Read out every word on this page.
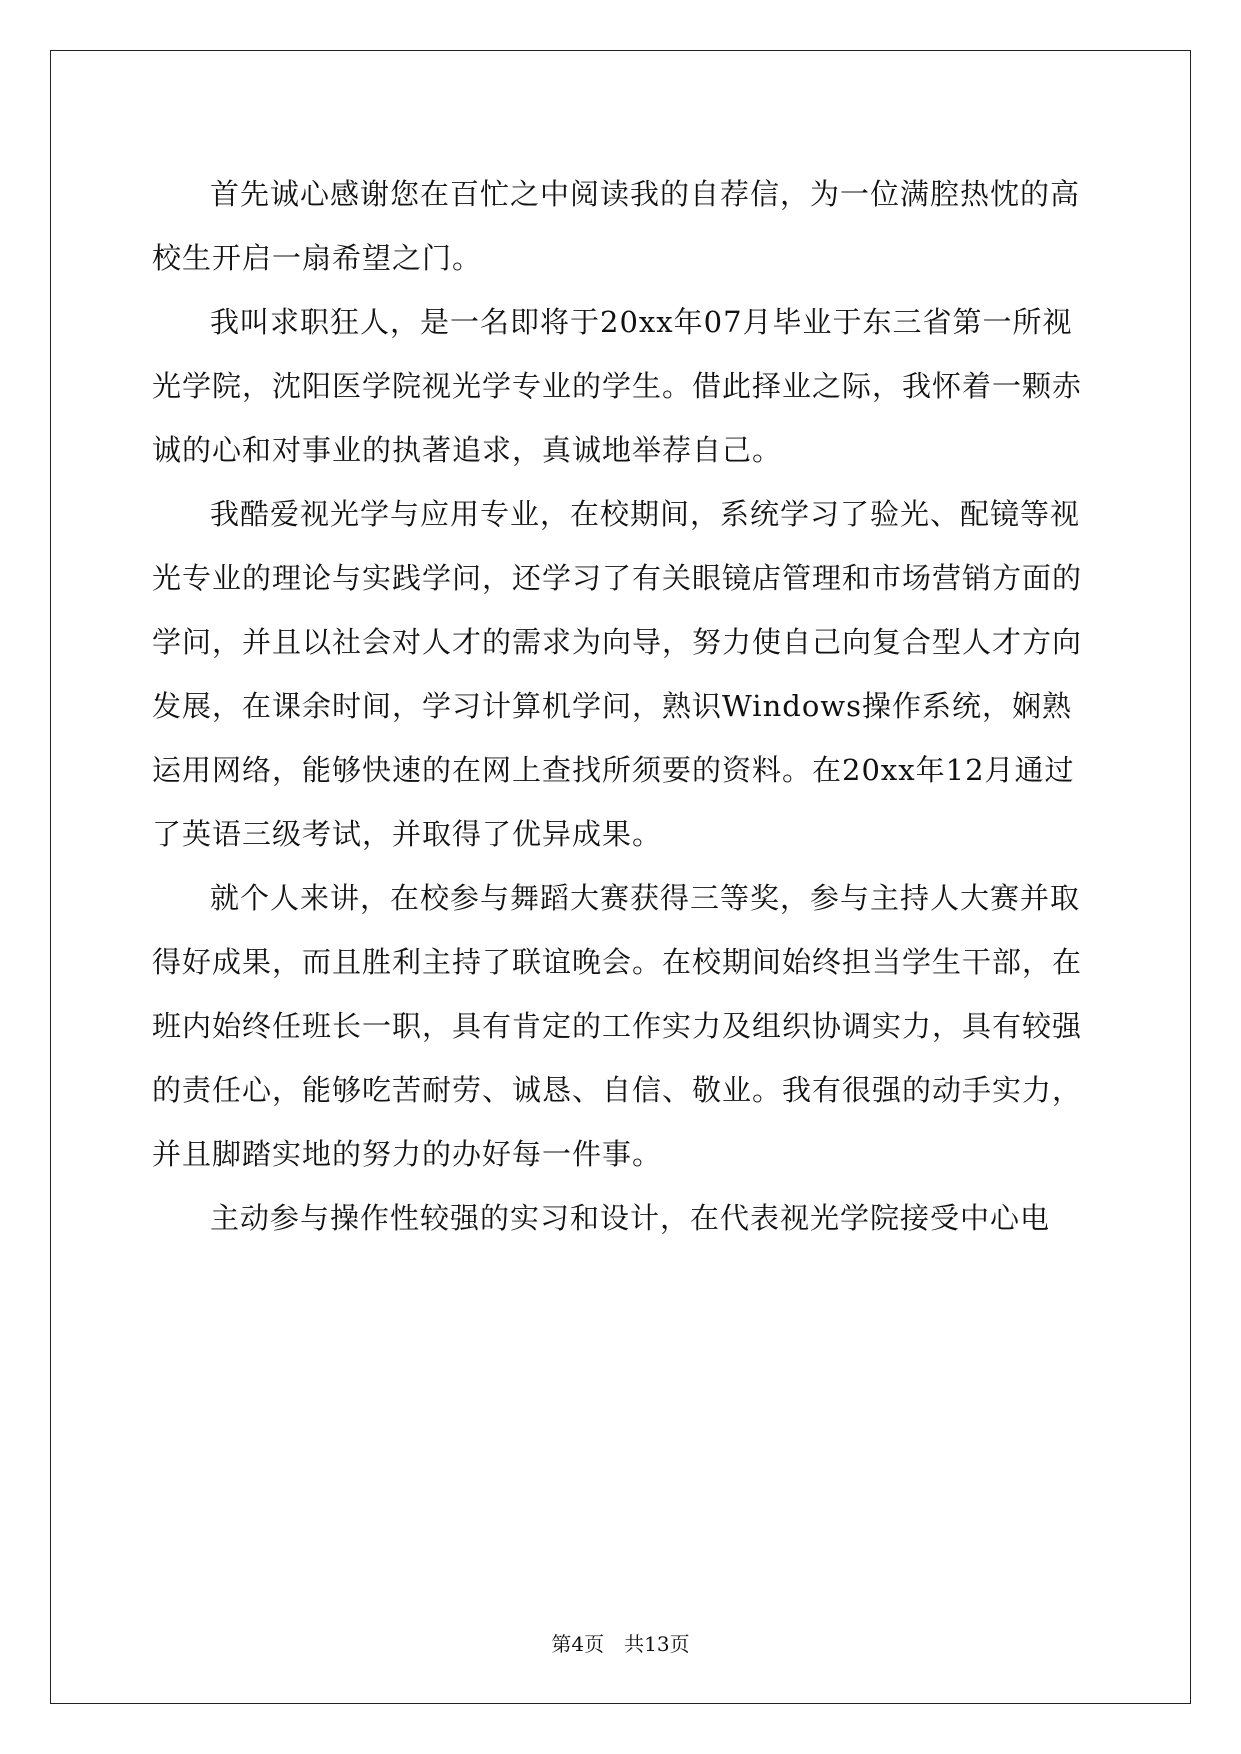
首先诚心感谢您在百忙之中阅读我的自荐信，为一位满腔热忱的高校生开启一扇希望之门。

我叫求职狂人，是一名即将于20xx年07月毕业于东三省第一所视光学院，沈阳医学院视光学专业的学生。借此择业之际，我怀着一颗赤诚的心和对事业的执著追求，真诚地举荐自己。

我酷爱视光学与应用专业，在校期间，系统学习了验光、配镜等视光专业的理论与实践学问，还学习了有关眼镜店管理和市场营销方面的学问，并且以社会对人才的需求为向导，努力使自己向复合型人才方向发展，在课余时间，学习计算机学问，熟识Windows操作系统，娴熟运用网络，能够快速的在网上查找所须要的资料。在20xx年12月通过了英语三级考试，并取得了优异成果。

就个人来讲，在校参与舞蹈大赛获得三等奖，参与主持人大赛并取得好成果，而且胜利主持了联谊晚会。在校期间始终担当学生干部，在班内始终任班长一职，具有肯定的工作实力及组织协调实力，具有较强的责任心，能够吃苦耐劳、诚恳、自信、敬业。我有很强的动手实力，并且脚踏实地的努力的办好每一件事。

主动参与操作性较强的实习和设计，在代表视光学院接受中心电

第4页　共13页
